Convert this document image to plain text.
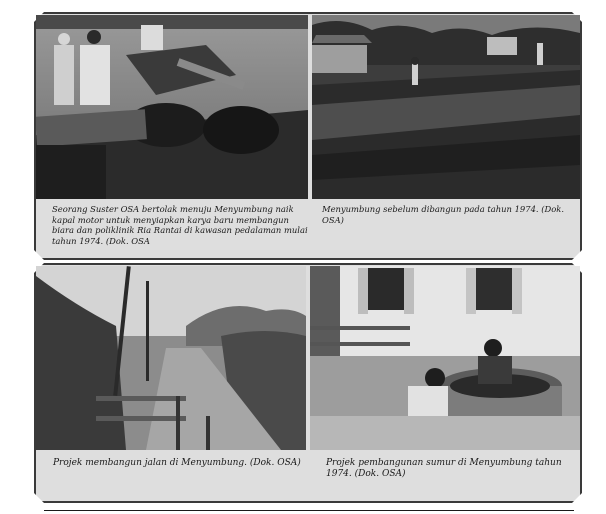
Seorang Suster OSA bertolak menuju Menyumbung naik kapal motor untuk menyiapkan karya baru membangun biara dan poliklinik Ria Rantai di kawasan pedalaman mulai tahun 1974. (Dok. OSA
Menyumbung sebelum dibangun pada tahun 1974. (Dok. OSA)
Projek membangun jalan di Menyumbung. (Dok. OSA)	Projek pembangunan sumur di Menyumbung tahun 1974. (Dok. OSA)
